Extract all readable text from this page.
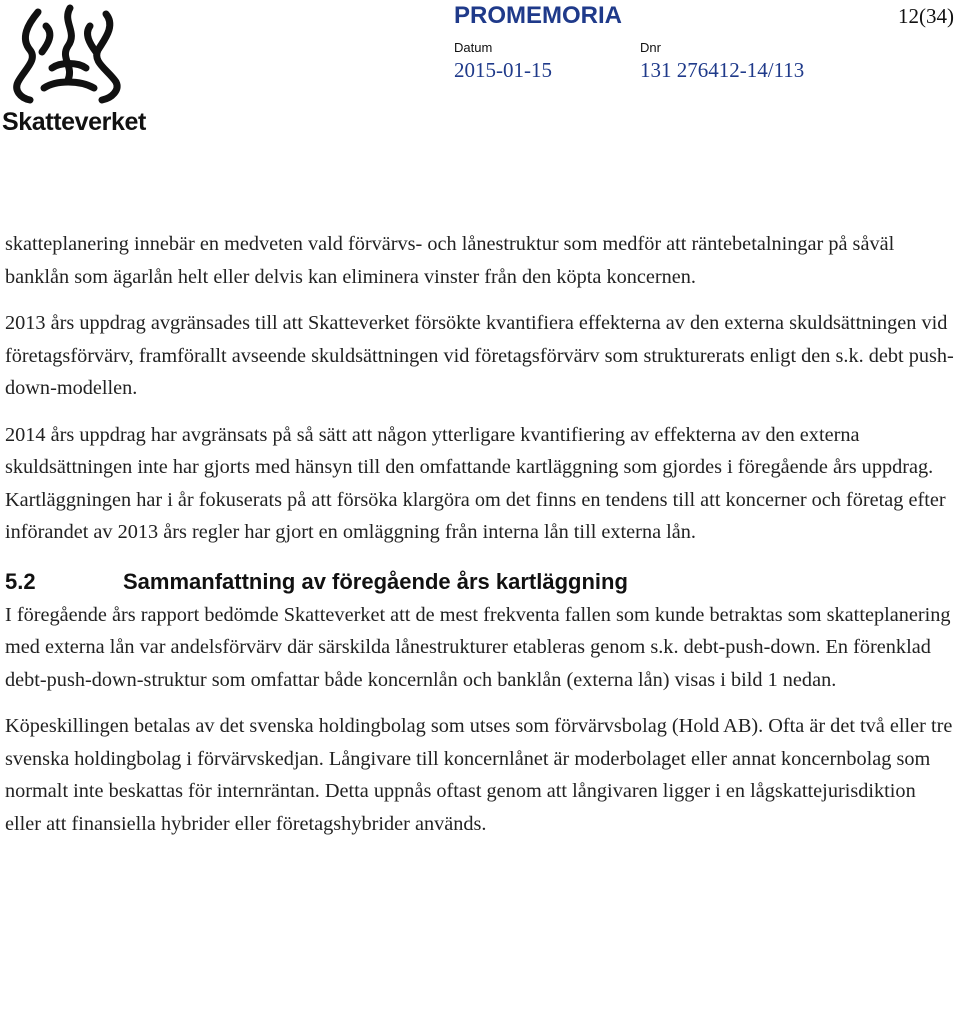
Skatteverket
PROMEMORIA	12(34)
Datum	Dnr
2015-01-15	131 276412-14/113

skatteplanering innebär en medveten vald förvärvs- och lånestruktur som medför att räntebetalningar på såväl banklån som ägarlån helt eller delvis kan eliminera vinster från den köpta koncernen.

2013 års uppdrag avgränsades till att Skatteverket försökte kvantifiera effekterna av den externa skuldsättningen vid företagsförvärv, framförallt avseende skuldsättningen vid företagsförvärv som strukturerats enligt den s.k. debt push-down-modellen.

2014 års uppdrag har avgränsats på så sätt att någon ytterligare kvantifiering av effekterna av den externa skuldsättningen inte har gjorts med hänsyn till den omfattande kartläggning som gjordes i föregående års uppdrag. Kartläggningen har i år fokuserats på att försöka klargöra om det finns en tendens till att koncerner och företag efter införandet av 2013 års regler har gjort en omläggning från interna lån till externa lån.

5.2	Sammanfattning av föregående års kartläggning

I föregående års rapport bedömde Skatteverket att de mest frekventa fallen som kunde betraktas som skatteplanering med externa lån var andelsförvärv där särskilda lånestrukturer etableras genom s.k. debt-push-down. En förenklad debt-push-down-struktur som omfattar både koncernlån och banklån (externa lån) visas i bild 1 nedan.

Köpeskillingen betalas av det svenska holdingbolag som utses som förvärvsbolag (Hold AB). Ofta är det två eller tre svenska holdingbolag i förvärvskedjan. Långivare till koncernlånet är moderbolaget eller annat koncernbolag som normalt inte beskattas för internräntan. Detta uppnås oftast genom att långivaren ligger i en lågskattejurisdiktion eller att finansiella hybrider eller företagshybrider används.
